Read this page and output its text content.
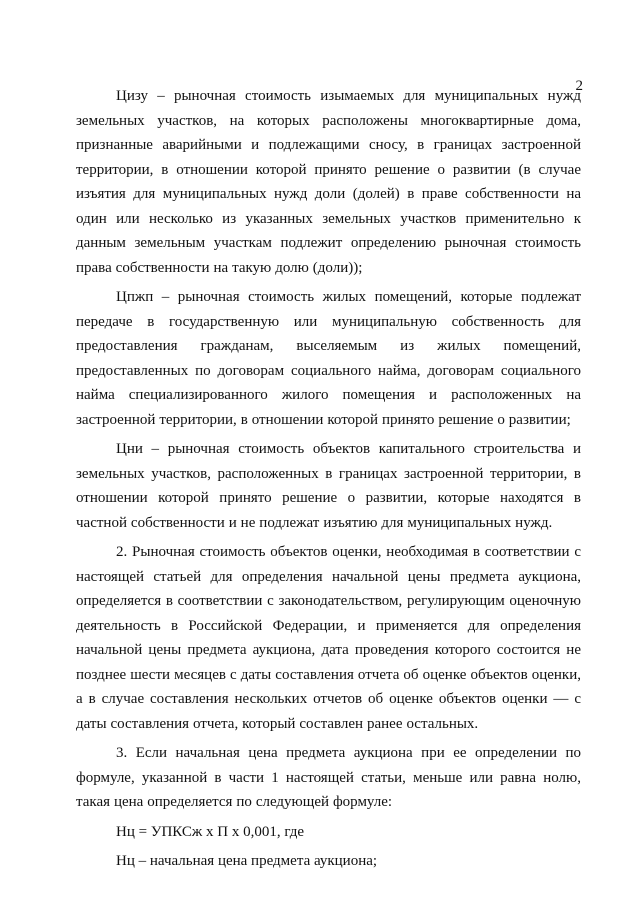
2

Цизу – рыночная стоимость изымаемых для муниципальных нужд земельных участков, на которых расположены многоквартирные дома, признанные аварийными и подлежащими сносу, в границах застроенной территории, в отношении которой принято решение о развитии (в случае изъятия для муниципальных нужд доли (долей) в праве собственности на один или несколько из указанных земельных участков применительно к данным земельным участкам подлежит определению рыночная стоимость права собственности на такую долю (доли));

Цпжп – рыночная стоимость жилых помещений, которые подлежат передаче в государственную или муниципальную собственность для предоставления гражданам, выселяемым из жилых помещений, предоставленных по договорам социального найма, договорам социального найма специализированного жилого помещения и расположенных на застроенной территории, в отношении которой принято решение о развитии;

Цни – рыночная стоимость объектов капитального строительства и земельных участков, расположенных в границах застроенной территории, в отношении которой принято решение о развитии, которые находятся в частной собственности и не подлежат изъятию для муниципальных нужд.

2. Рыночная стоимость объектов оценки, необходимая в соответствии с настоящей статьей для определения начальной цены предмета аукциона, определяется в соответствии с законодательством, регулирующим оценочную деятельность в Российской Федерации, и применяется для определения начальной цены предмета аукциона, дата проведения которого состоится не позднее шести месяцев с даты составления отчета об оценке объектов оценки, а в случае составления нескольких отчетов об оценке объектов оценки — с даты составления отчета, который составлен ранее остальных.

3. Если начальная цена предмета аукциона при ее определении по формуле, указанной в части 1 настоящей статьи, меньше или равна нолю, такая цена определяется по следующей формуле:

Нц = УПКСж х П х 0,001, где

Нц – начальная цена предмета аукциона;
